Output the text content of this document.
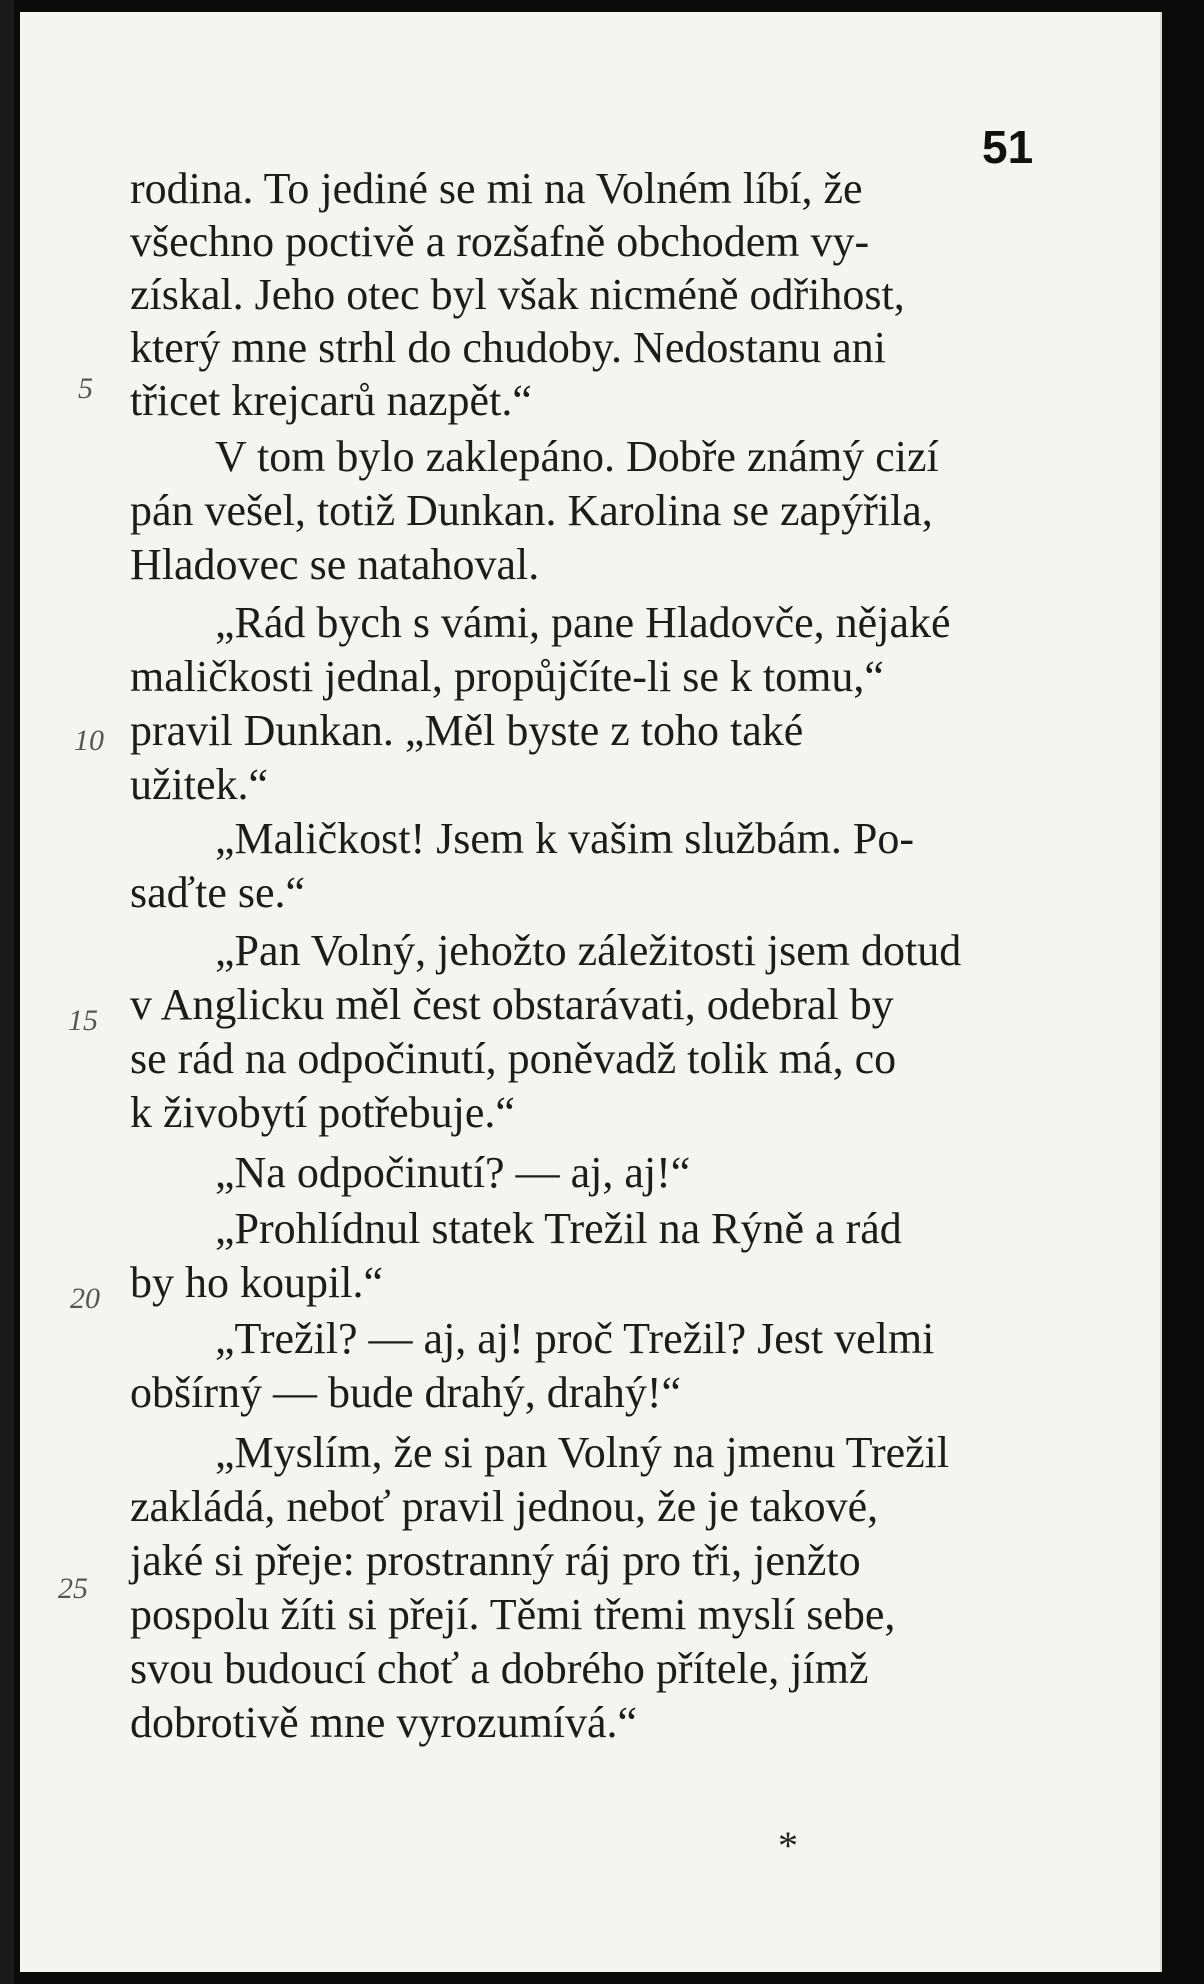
51
rodina. To jediné se mi na Volném líbí, že
všechno poctivě a rozšafně obchodem vy-
získal. Jeho otec byl však nicméně odřihost,
který mne strhl do chudoby. Nedostanu ani
třicet krejcarů nazpět.“
V tom bylo zaklepáno. Dobře známý cizí
pán vešel, totiž Dunkan. Karolina se zapýřila,
Hladovec se natahoval.
„Rád bych s vámi, pane Hladovče, nějaké
maličkosti jednal, propůjčíte-li se k tomu,“
pravil Dunkan. „Měl byste z toho také
užitek.“
„Maličkost! Jsem k vašim službám. Po-
saďte se.“
„Pan Volný, jehožto záležitosti jsem dotud
v Anglicku měl čest obstarávati, odebral by
se rád na odpočinutí, poněvadž tolik má, co
k živobytí potřebuje.“
„Na odpočinutí? — aj, aj!“
„Prohlídnul statek Trežil na Rýně a rád
by ho koupil.“
„Trežil? — aj, aj! proč Trežil? Jest velmi
obšírný — bude drahý, drahý!“
„Myslím, že si pan Volný na jmenu Trežil
zakládá, neboť pravil jednou, že je takové,
jaké si přeje: prostranný ráj pro tři, jenžto
pospolu žíti si přejí. Těmi třemi myslí sebe,
svou budoucí choť a dobrého přítele, jímž
dobrotivě mne vyrozumívá.“
5
10
15
20
25
*
